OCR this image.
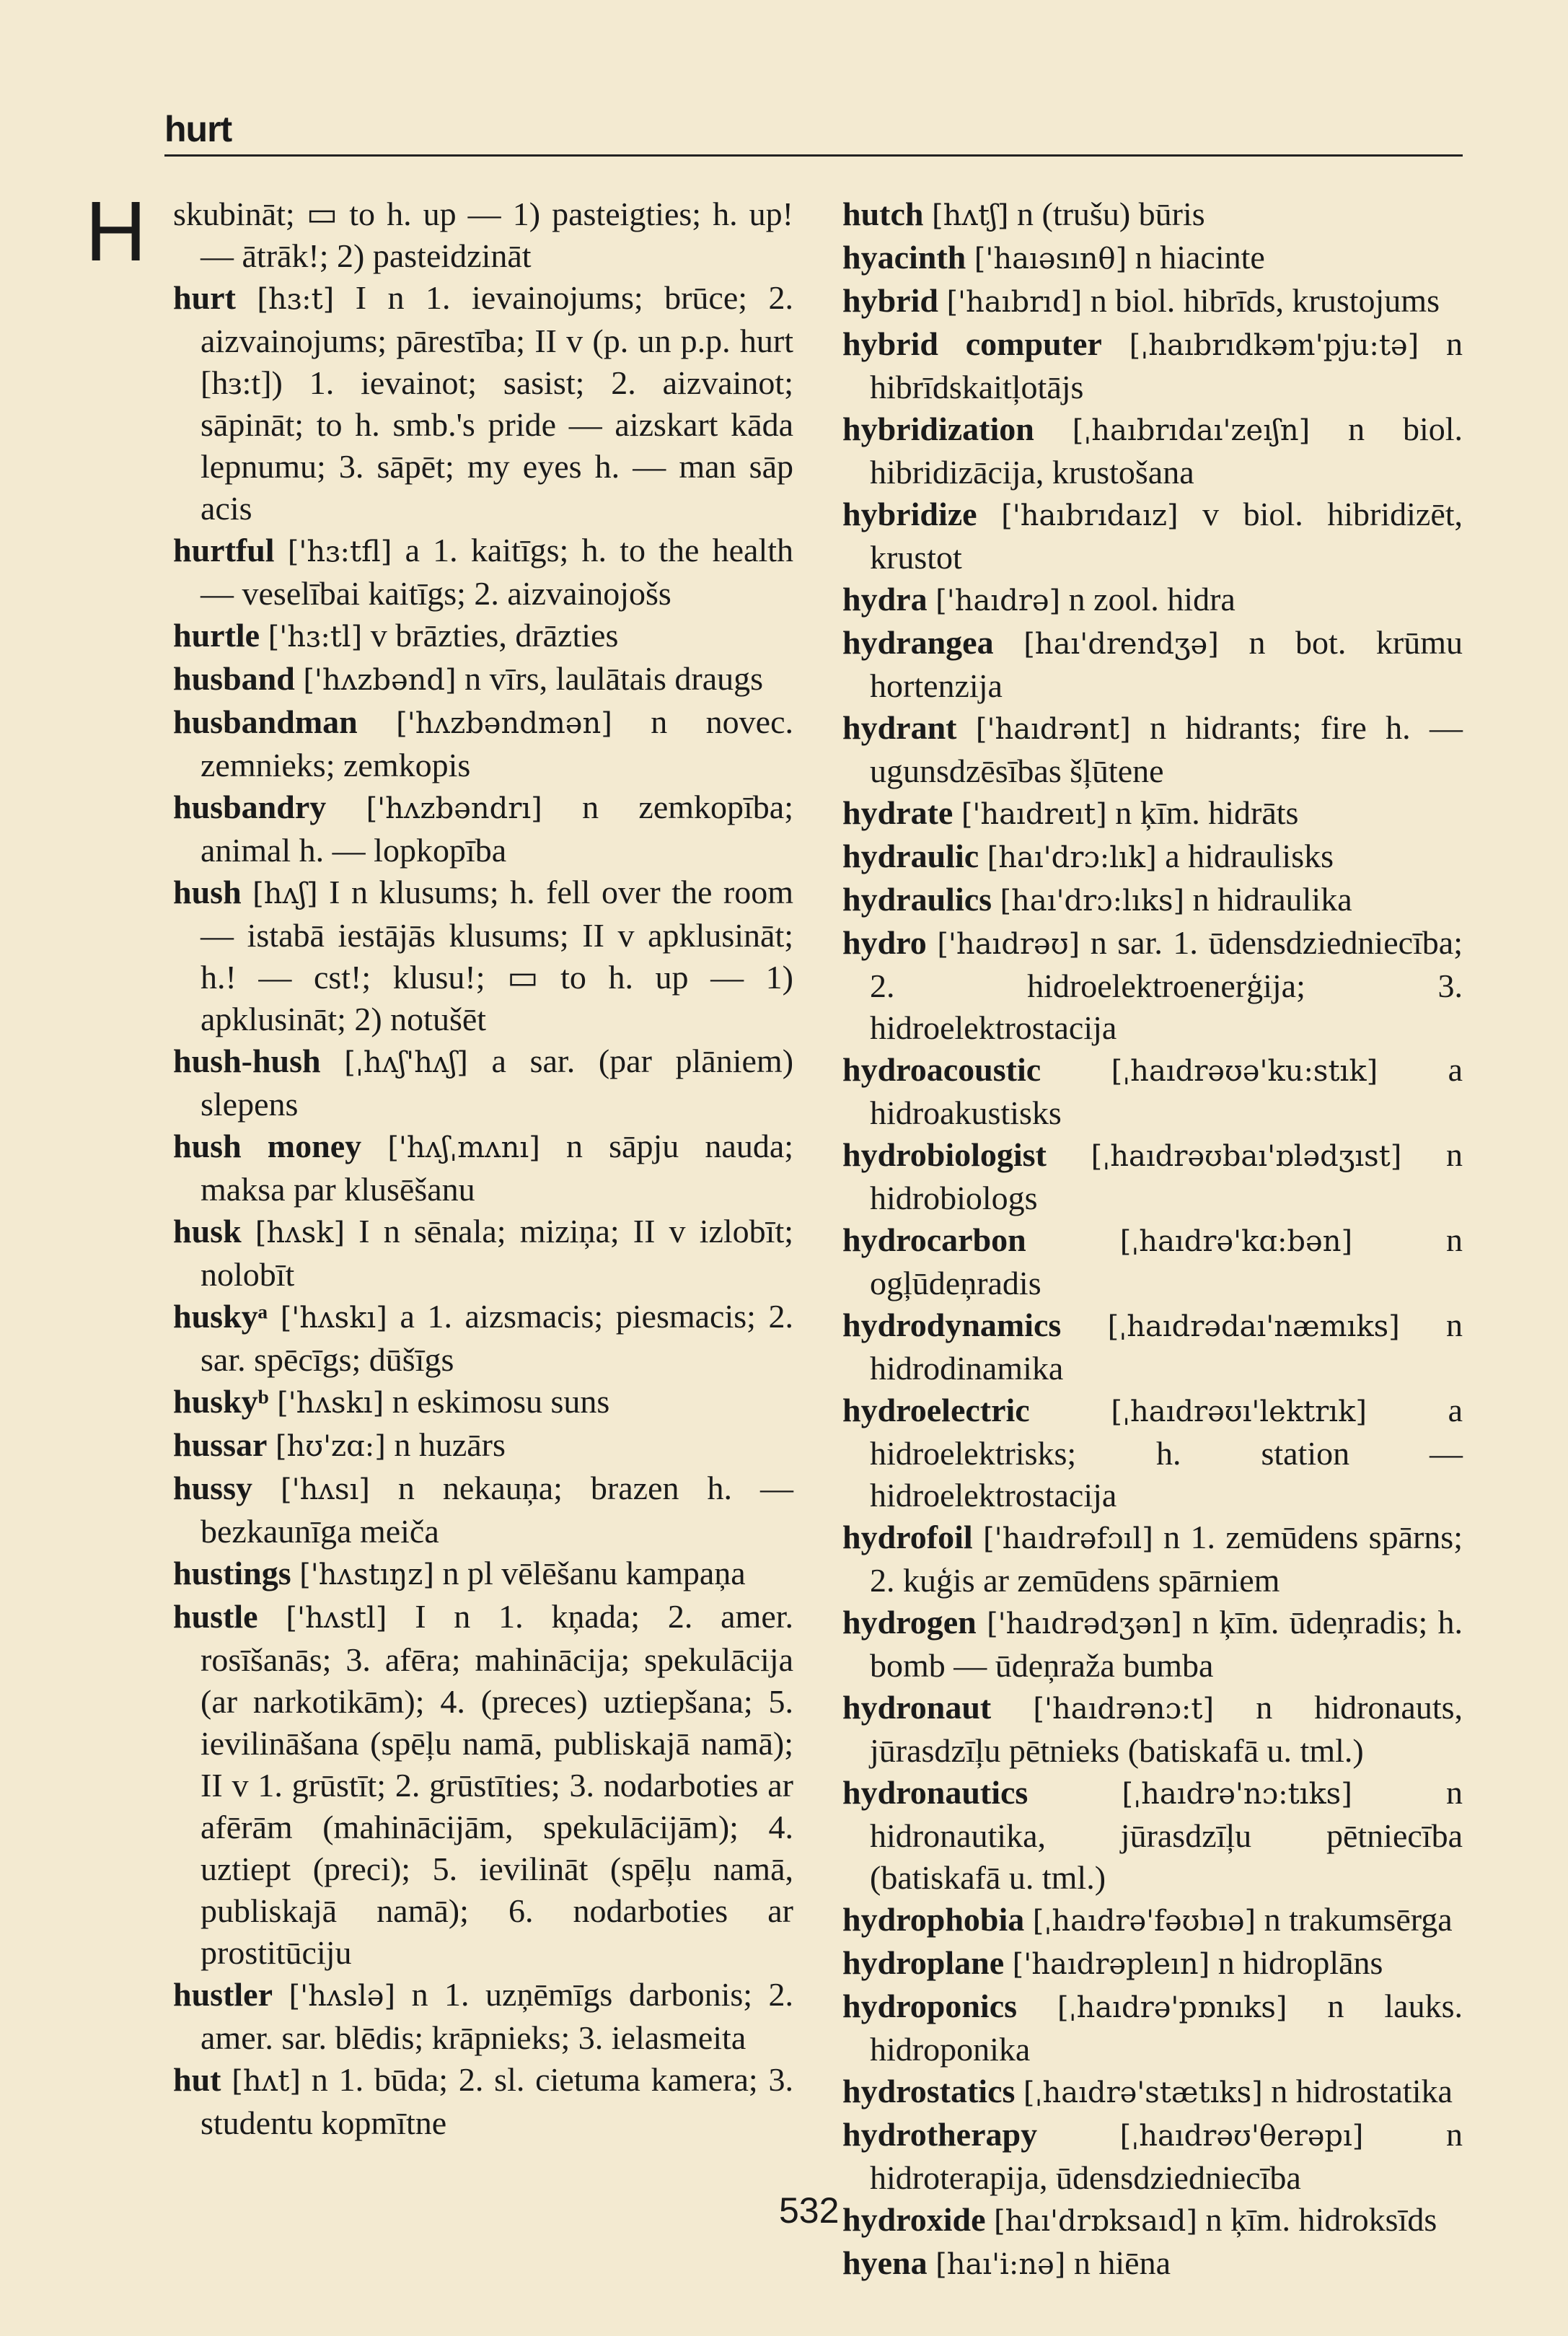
hurt
H skubināt; ▭ to h. up — 1) pasteigties; h. up! — ātrāk!; 2) pasteidzināt

hurt [hɜ:t] I n 1. ievainojums; brūce; 2. aizvainojums; pārestība; II v (p. un p.p. hurt [hɜ:t]) 1. ievainot; sasist; 2. aizvainot; sāpināt; to h. smb.'s pride — aizskart kāda lepnumu; 3. sāpēt; my eyes h. — man sāp acis

hurtful ['hɜ:tfl] a 1. kaitīgs; h. to the health — veselībai kaitīgs; 2. aizvainojošs

hurtle ['hɜ:tl] v brāzties, drāzties

husband ['hʌzbənd] n vīrs, laulātais draugs

husbandman ['hʌzbəndmən] n novec. zemnieks; zemkopis

husbandry ['hʌzbəndrı] n zemkopība; animal h. — lopkopība

hush [hʌʃ] I n klusums; h. fell over the room — istabā iestājās klusums; II v apklusināt; h.! — cst!; klusu!; ▭ to h. up — 1) apklusināt; 2) notušēt

hush-hush [ˌhʌʃ'hʌʃ] a sar. (par plāniem) slepens

hush money ['hʌʃˌmʌnı] n sāpju nauda; maksa par klusēšanu

husk [hʌsk] I n sēnala; miziņa; II v izlobīt; nolobīt

huskyᵃ ['hʌskı] a 1. aizsmacis; piesmacis; 2. sar. spēcīgs; dūšīgs

huskyᵇ ['hʌskı] n eskimosu suns

hussar [hʊ'zɑ:] n huzārs

hussy ['hʌsı] n nekauņa; brazen h. — bezkaunīga meiča

hustings ['hʌstıŋz] n pl vēlēšanu kampaņa

hustle ['hʌstl] I n 1. kņada; 2. amer. rosīšanās; 3. afēra; mahinācija; spekulācija (ar narkotikām); 4. (preces) uztiepšana; 5. ievilināšana (spēļu namā, publiskajā namā); II v 1. grūstīt; 2. grūstīties; 3. nodarboties ar afērām (mahinācijām, spekulācijām); 4. uztiept (preci); 5. ievilināt (spēļu namā, publiskajā namā); 6. nodarboties ar prostitūciju

hustler ['hʌslə] n 1. uzņēmīgs darbonis; 2. amer. sar. blēdis; krāpnieks; 3. ielasmeita

hut [hʌt] n 1. būda; 2. sl. cietuma kamera; 3. studentu kopmītne

hutch [hʌtʃ] n (trušu) būris

hyacinth ['haıəsınθ] n hiacinte

hybrid ['haıbrıd] n biol. hibrīds, krustojums

hybrid computer [ˌhaıbrıdkəm'pju:tə] n hibrīdskaitļotājs

hybridization [ˌhaıbrıdaı'zeıʃn] n biol. hibridizācija, krustošana

hybridize ['haıbrıdaız] v biol. hibridizēt, krustot

hydra ['haıdrə] n zool. hidra

hydrangea [haı'drendʒə] n bot. krūmu hortenzija

hydrant ['haıdrənt] n hidrants; fire h. — ugunsdzēsības šļūtene

hydrate ['haıdreıt] n ķīm. hidrāts

hydraulic [haı'drɔ:lık] a hidraulisks

hydraulics [haı'drɔ:lıks] n hidraulika

hydro ['haıdrəʊ] n sar. 1. ūdensdziedniecība; 2. hidroelektroenerģija; 3. hidroelektrostacija

hydroacoustic [ˌhaıdrəʊə'ku:stık] a hidroakustisks

hydrobiologist [ˌhaıdrəʊbaı'ɒlədʒıst] n hidrobiologs

hydrocarbon	[ˌhaıdrə'kɑ:bən]	n ogļūdeņradis

hydrodynamics [ˌhaıdrədaı'næmıks] n hidrodinamika

hydroelectric	[ˌhaıdrəʊı'lektrık] a hidroelektrisks; h. station — hidroelektrostacija

hydrofoil ['haıdrəfɔıl] n 1. zemūdens spārns; 2. kuģis ar zemūdens spārniem

hydrogen ['haıdrədʒən] n ķīm. ūdeņradis; h. bomb — ūdeņraža bumba

hydronaut ['haıdrənɔ:t] n hidronauts, jūrasdzīļu pētnieks (batiskafā u. tml.)

hydronautics	[ˌhaıdrə'nɔ:tıks]	n hidronautika, jūrasdzīļu pētniecība (batiskafā u. tml.)

hydrophobia [ˌhaıdrə'fəʊbıə] n trakumsērga

hydroplane ['haıdrəpleın] n hidroplāns

hydroponics [ˌhaıdrə'pɒnıks] n lauks. hidroponika

hydrostatics [ˌhaıdrə'stætıks] n hidrostatika

hydrotherapy	[ˌhaıdrəʊ'θerəpı] n hidroterapija, ūdensdziedniecība

hydroxide [haı'drɒksaıd] n ķīm. hidroksīds

hyena [haı'i:nə] n hiēna

532
